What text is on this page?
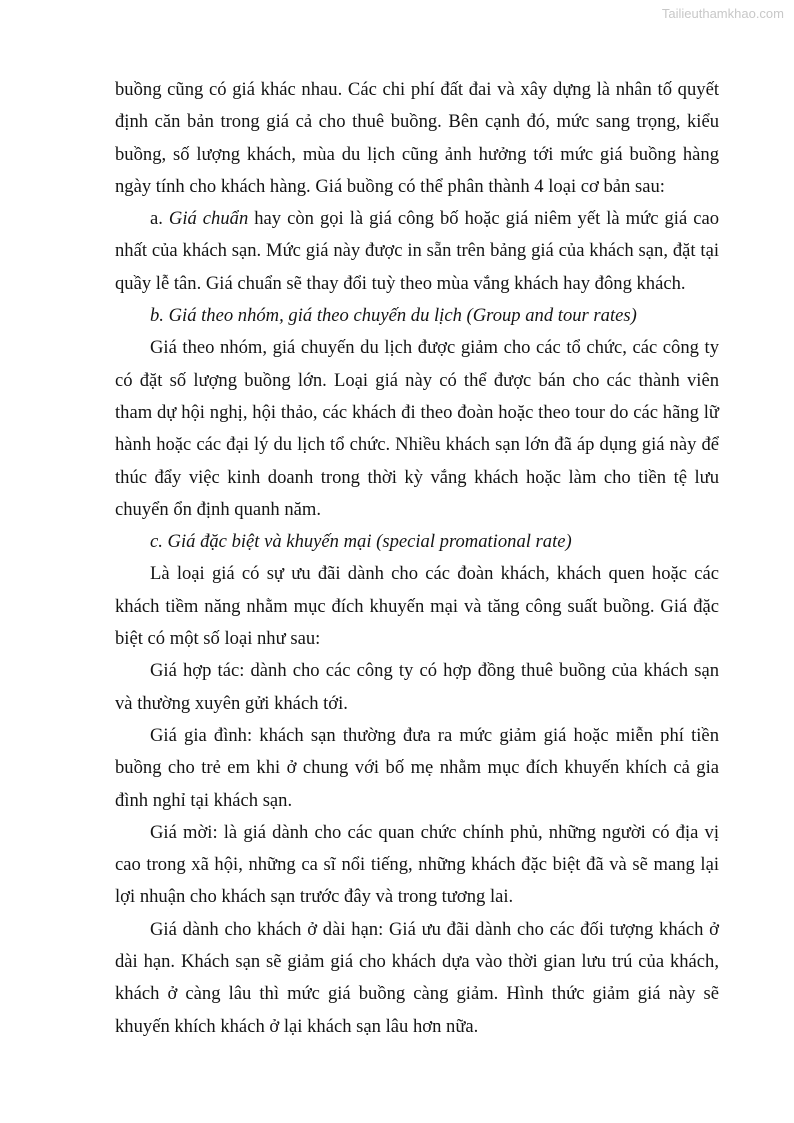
Tailieuthamkhao.com

buồng cũng có giá khác nhau. Các chi phí đất đai và xây dựng là nhân tố quyết định căn bản trong giá cả cho thuê buồng. Bên cạnh đó, mức sang trọng, kiểu buồng, số lượng khách, mùa du lịch cũng ảnh hưởng tới mức giá buồng hàng ngày tính cho khách hàng. Giá buồng có thể phân thành 4 loại cơ bản sau:

a. Giá chuẩn hay còn gọi là giá công bố hoặc giá niêm yết là mức giá cao nhất của khách sạn. Mức giá này được in sẵn trên bảng giá của khách sạn, đặt tại quầy lễ tân. Giá chuẩn sẽ thay đổi tuỳ theo mùa vắng khách hay đông khách.

b. Giá theo nhóm, giá theo chuyến du lịch (Group and tour rates)

Giá theo nhóm, giá chuyến du lịch được giảm cho các tổ chức, các công ty có đặt số lượng buồng lớn. Loại giá này có thể được bán cho các thành viên tham dự hội nghị, hội thảo, các khách đi theo đoàn hoặc theo tour do các hãng lữ hành hoặc các đại lý du lịch tổ chức. Nhiều khách sạn lớn đã áp dụng giá này để thúc đẩy việc kinh doanh trong thời kỳ vắng khách hoặc làm cho tiền tệ lưu chuyển ổn định quanh năm.

c. Giá đặc biệt và khuyến mại (special promational rate)

Là loại giá có sự ưu đãi dành cho các đoàn khách, khách quen hoặc các khách tiềm năng nhằm mục đích khuyến mại và tăng công suất buồng. Giá đặc biệt có một số loại như sau:

Giá hợp tác: dành cho các công ty có hợp đồng thuê buồng của khách sạn và thường xuyên gửi khách tới.

Giá gia đình: khách sạn thường đưa ra mức giảm giá hoặc miễn phí tiền buồng cho trẻ em khi ở chung với bố mẹ nhằm mục đích khuyến khích cả gia đình nghỉ tại khách sạn.

Giá mời: là giá dành cho các quan chức chính phủ, những người có địa vị cao trong xã hội, những ca sĩ nổi tiếng, những khách đặc biệt đã và sẽ mang lại lợi nhuận cho khách sạn trước đây và trong tương lai.

Giá dành cho khách ở dài hạn: Giá ưu đãi dành cho các đối tượng khách ở dài hạn. Khách sạn sẽ giảm giá cho khách dựa vào thời gian lưu trú của khách, khách ở càng lâu thì mức giá buồng càng giảm. Hình thức giảm giá này sẽ khuyến khích khách ở lại khách sạn lâu hơn nữa.
